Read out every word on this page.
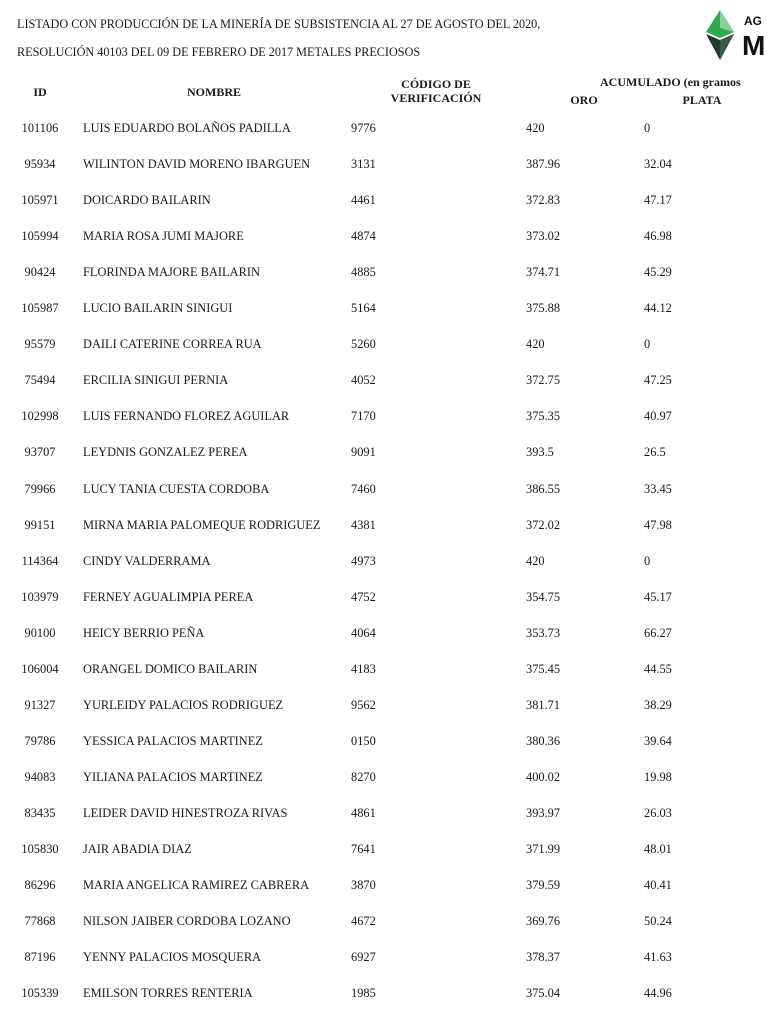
LISTADO CON PRODUCCIÓN DE LA MINERÍA DE SUBSISTENCIA AL 27 DE AGOSTO DEL 2020,

RESOLUCIÓN 40103 DEL 09 DE FEBRERO DE 2017 METALES PRECIOSOS

AG
M
ID	NOMBRE
CÓDIGO DE
VERIFICACIÓN
ACUMULADO (en gramos
ORO	PLATA
101106	LUIS EDUARDO BOLAÑOS PADILLA	9776	420	0
95934	WILINTON DAVID MORENO IBARGUEN	3131	387.96	32.04
105971	DOICARDO BAILARIN	4461	372.83	47.17
105994	MARIA ROSA JUMI MAJORE	4874	373.02	46.98
90424	FLORINDA MAJORE BAILARIN	4885	374.71	45.29
105987	LUCIO BAILARIN SINIGUI	5164	375.88	44.12
95579	DAILI CATERINE CORREA RUA	5260	420	0
75494	ERCILIA SINIGUI PERNIA	4052	372.75	47.25
102998	LUIS FERNANDO FLOREZ AGUILAR	7170	375.35	40.97
93707	LEYDNIS GONZALEZ PEREA	9091	393.5	26.5
79966	LUCY TANIA CUESTA CORDOBA	7460	386.55	33.45
99151	MIRNA MARIA PALOMEQUE RODRIGUEZ 4381	372.02	47.98
114364	CINDY VALDERRAMA	4973	420	0
103979	FERNEY AGUALIMPIA PEREA	4752	354.75	45.17
90100	HEICY BERRIO PEÑA	4064	353.73	66.27
106004	ORANGEL DOMICO BAILARIN	4183	375.45	44.55
91327	YURLEIDY PALACIOS RODRIGUEZ	9562	381.71	38.29
79786	YESSICA PALACIOS MARTINEZ	0150	380.36	39.64
94083	YILIANA PALACIOS MARTINEZ	8270	400.02	19.98
83435	LEIDER DAVID HINESTROZA RIVAS	4861	393.97	26.03
105830	JAIR ABADIA DIAZ	7641	371.99	48.01
86296	MARIA ANGELICA RAMIREZ CABRERA	3870	379.59	40.41
77868	NILSON JAIBER CORDOBA LOZANO	4672	369.76	50.24
87196	YENNY PALACIOS MOSQUERA	6927	378.37	41.63
105339	EMILSON TORRES RENTERIA	1985	375.04	44.96
